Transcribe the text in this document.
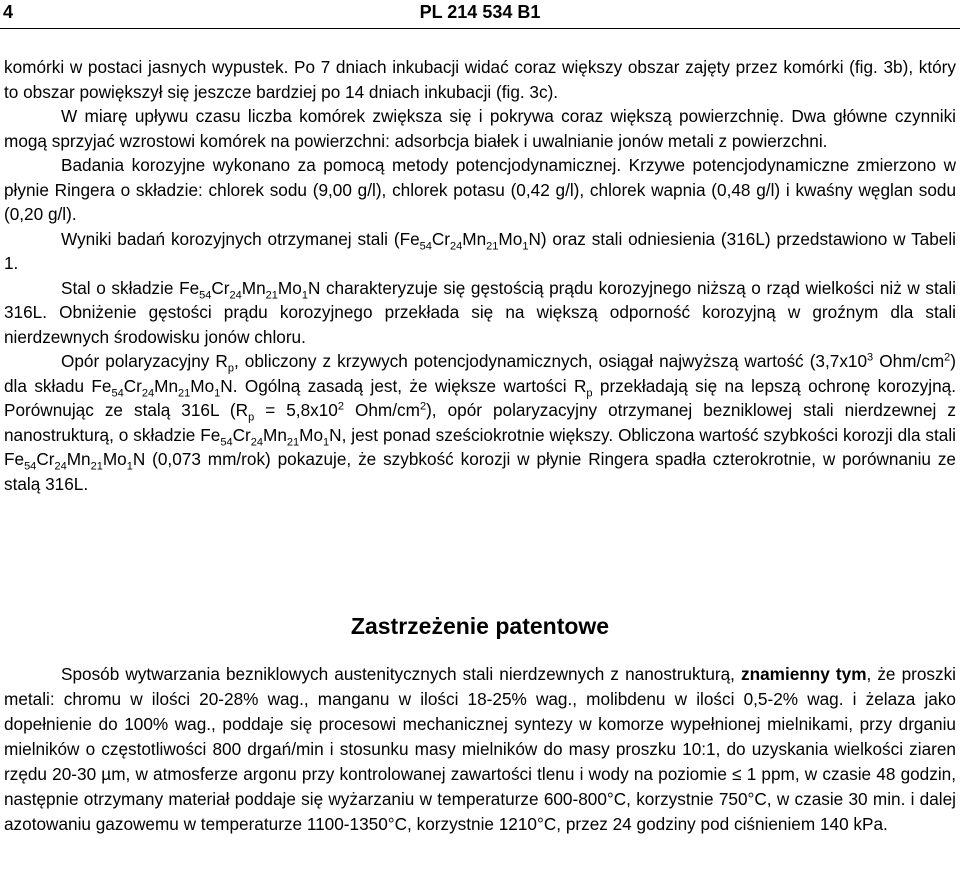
4	PL 214 534 B1

komórki w postaci jasnych wypustek. Po 7 dniach inkubacji widać coraz większy obszar zajęty przez komórki (fig. 3b), który to obszar powiększył się jeszcze bardziej po 14 dniach inkubacji (fig. 3c).

W miarę upływu czasu liczba komórek zwiększa się i pokrywa coraz większą powierzchnię. Dwa główne czynniki mogą sprzyjać wzrostowi komórek na powierzchni: adsorbcja białek i uwalnianie jonów metali z powierzchni.

Badania korozyjne wykonano za pomocą metody potencjodynamicznej. Krzywe potencjodynamiczne zmierzono w płynie Ringera o składzie: chlorek sodu (9,00 g/l), chlorek potasu (0,42 g/l), chlorek wapnia (0,48 g/l) i kwaśny węglan sodu (0,20 g/l).

Wyniki badań korozyjnych otrzymanej stali $(Fe_{54}Cr_{24}Mn_{21}Mo_1N)$ oraz stali odniesienia (316L) przedstawiono w Tabeli 1.

Stal o składzie $Fe_{54}Cr_{24}Mn_{21}Mo_1N$ charakteryzuje się gęstością prądu korozyjnego niższą o rząd wielkości niż w stali 316L. Obniżenie gęstości prądu korozyjnego przekłada się na większą odporność korozyjną w groźnym dla stali nierdzewnych środowisku jonów chloru.

Opór polaryzacyjny $R_p$, obliczony z krzywych potencjodynamicznych, osiągał najwyższą wartość ($3,7x10^3$ Ohm/$cm^2$) dla składu $Fe_{54}Cr_{24}Mn_{21}Mo_1N$. Ogólną zasadą jest, że większe wartości $R_p$ przekładają się na lepszą ochronę korozyjną. Porównując ze stalą 316L ($R_p = 5,8x10^2$ Ohm/$cm^2$), opór polaryzacyjny otrzymanej bezniklowej stali nierdzewnej z nanostrukturą, o składzie $Fe_{54}Cr_{24}Mn_{21}Mo_1N$, jest ponad sześciokrotnie większy. Obliczona wartość szybkości korozji dla stali $Fe_{54}Cr_{24}Mn_{21}Mo_1N$ (0,073 mm/rok) pokazuje, że szybkość korozji w płynie Ringera spadła czterokrotnie, w porównaniu ze stalą 316L.

Zastrzeżenie patentowe

Sposób wytwarzania bezniklowych austenitycznych stali nierdzewnych z nanostrukturą, znamienny tym, że proszki metali: chromu w ilości 20-28% wag., manganu w ilości 18-25% wag., molibdenu w ilości 0,5-2% wag. i żelaza jako dopełnienie do 100% wag., poddaje się procesowi mechanicznej syntezy w komorze wypełnionej mielnikami, przy drganiu mielników o częstotliwości 800 drgań/min i stosunku masy mielników do masy proszku 10:1, do uzyskania wielkości ziaren rzędu 20-30 µm, w atmosferze argonu przy kontrolowanej zawartości tlenu i wody na poziomie ≤ 1 ppm, w czasie 48 godzin, następnie otrzymany materiał poddaje się wyżarzaniu w temperaturze 600-800°C, korzystnie 750°C, w czasie 30 min. i dalej azotowaniu gazowemu w temperaturze 1100-1350°C, korzystnie 1210°C, przez 24 godziny pod ciśnieniem 140 kPa.
